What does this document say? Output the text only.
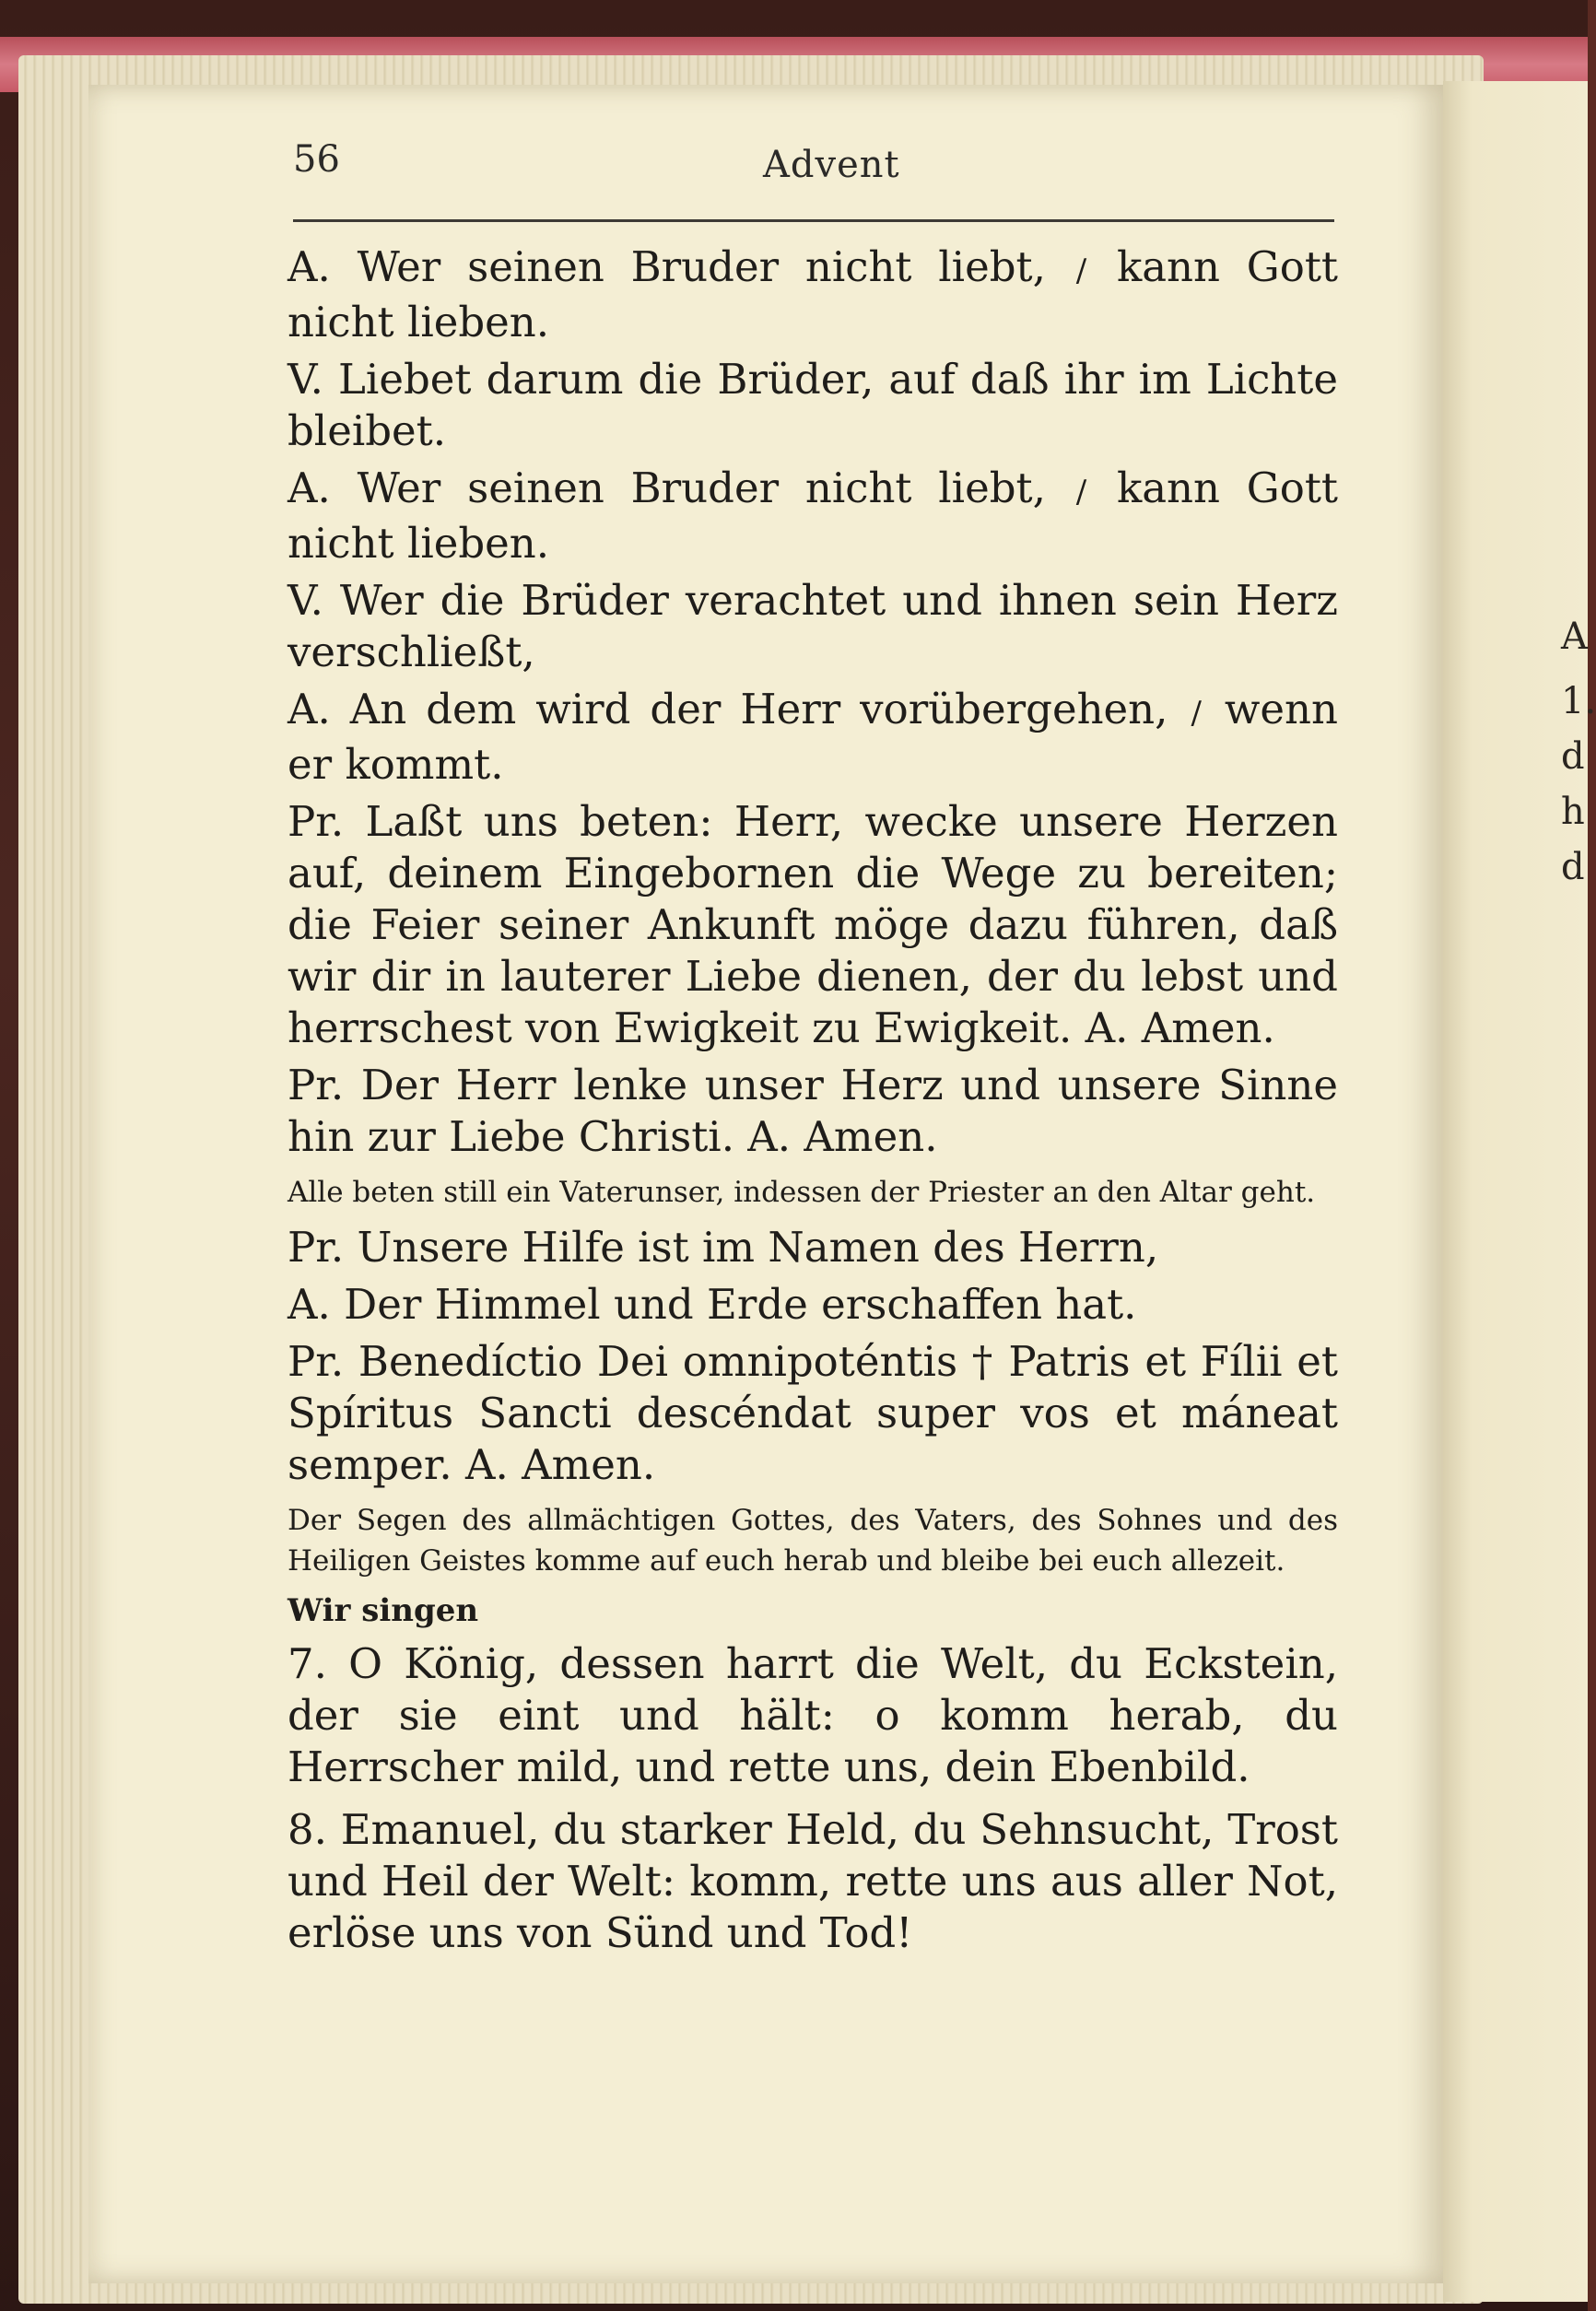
A
1.
d
h
d
56	Advent

A. Wer seinen Bruder nicht liebt, / kann Gott nicht lieben.

V. Liebet darum die Brüder, auf daß ihr im Lichte bleibet.

A. Wer seinen Bruder nicht liebt, / kann Gott nicht lieben.

V. Wer die Brüder verachtet und ihnen sein Herz verschließt,

A. An dem wird der Herr vorübergehen, / wenn er kommt.

Pr. Laßt uns beten: Herr, wecke unsere Herzen auf, deinem Eingebornen die Wege zu bereiten; die Feier seiner Ankunft möge dazu führen, daß wir dir in lauterer Liebe dienen, der du lebst und herrschest von Ewigkeit zu Ewigkeit. A. Amen.

Pr. Der Herr lenke unser Herz und unsere Sinne hin zur Liebe Christi. A. Amen.

Alle beten still ein Vaterunser, indessen der Priester an den Altar geht.

Pr. Unsere Hilfe ist im Namen des Herrn,

A. Der Himmel und Erde erschaffen hat.

Pr. Benedíctio Dei omnipoténtis † Patris et Fílii et Spíritus Sancti descéndat super vos et máneat semper. A. Amen.

Der Segen des allmächtigen Gottes, des Vaters, des Sohnes und des Heiligen Geistes komme auf euch herab und bleibe bei euch allezeit.

Wir singen

7. O König, dessen harrt die Welt, du Eckstein, der sie eint und hält: o komm herab, du Herrscher mild, und rette uns, dein Ebenbild.

8. Emanuel, du starker Held, du Sehnsucht, Trost und Heil der Welt: komm, rette uns aus aller Not, erlöse uns von Sünd und Tod!
